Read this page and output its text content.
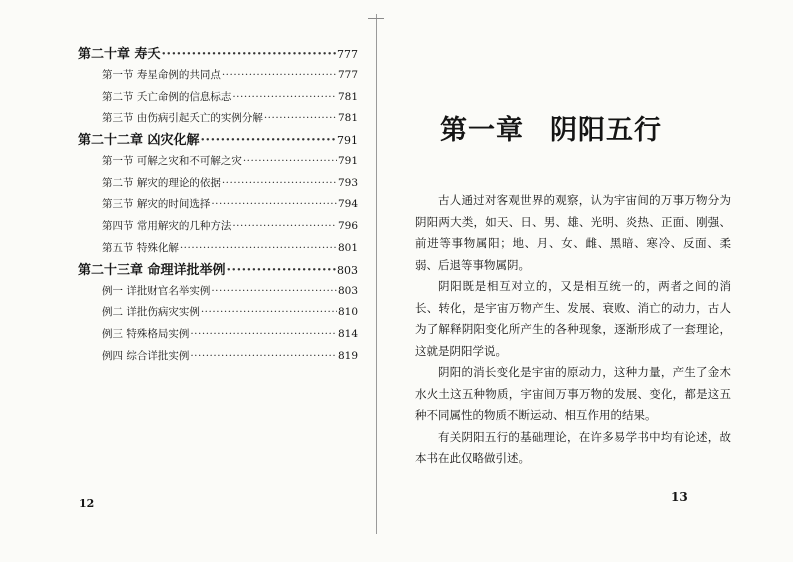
第二十章 寿夭 ·····	777
第一节 寿星命例的共同点 ·····	777
第二节 夭亡命例的信息标志 ·····	781
第三节 由伤病引起夭亡的实例分解 ·····	781
第二十二章 凶灾化解 ·····	791
第一节 可解之灾和不可解之灾 ·····	791
第二节 解灾的理论的依据 ·····	793
第三节 解灾的时间选择 ·····	794
第四节 常用解灾的几种方法 ·····	796
第五节 特殊化解 ·····	801
第二十三章 命理详批举例 ·····	803
例一 详批财官名举实例 ·····	803
例二 详批伤病灾实例 ·····	810
例三 特殊格局实例 ·····	814
例四 综合详批实例 ·····	819
12
第一章 阴阳五行

古人通过对客观世界的观察，认为宇宙间的万事万物分为阴阳两大类，如天、日、男、雄、光明、炎热、正面、刚强、前进等事物属阳；地、月、女、雌、黑暗、寒冷、反面、柔弱、后退等事物属阴。

阴阳既是相互对立的，又是相互统一的，两者之间的消长、转化，是宇宙万物产生、发展、衰败、消亡的动力，古人为了解释阴阳变化所产生的各种现象，逐渐形成了一套理论，这就是阴阳学说。

阴阳的消长变化是宇宙的原动力，这种力量，产生了金木水火土这五种物质，宇宙间万事万物的发展、变化，都是这五种不同属性的物质不断运动、相互作用的结果。

有关阴阳五行的基础理论，在许多易学书中均有论述，故本书在此仅略做引述。

13
